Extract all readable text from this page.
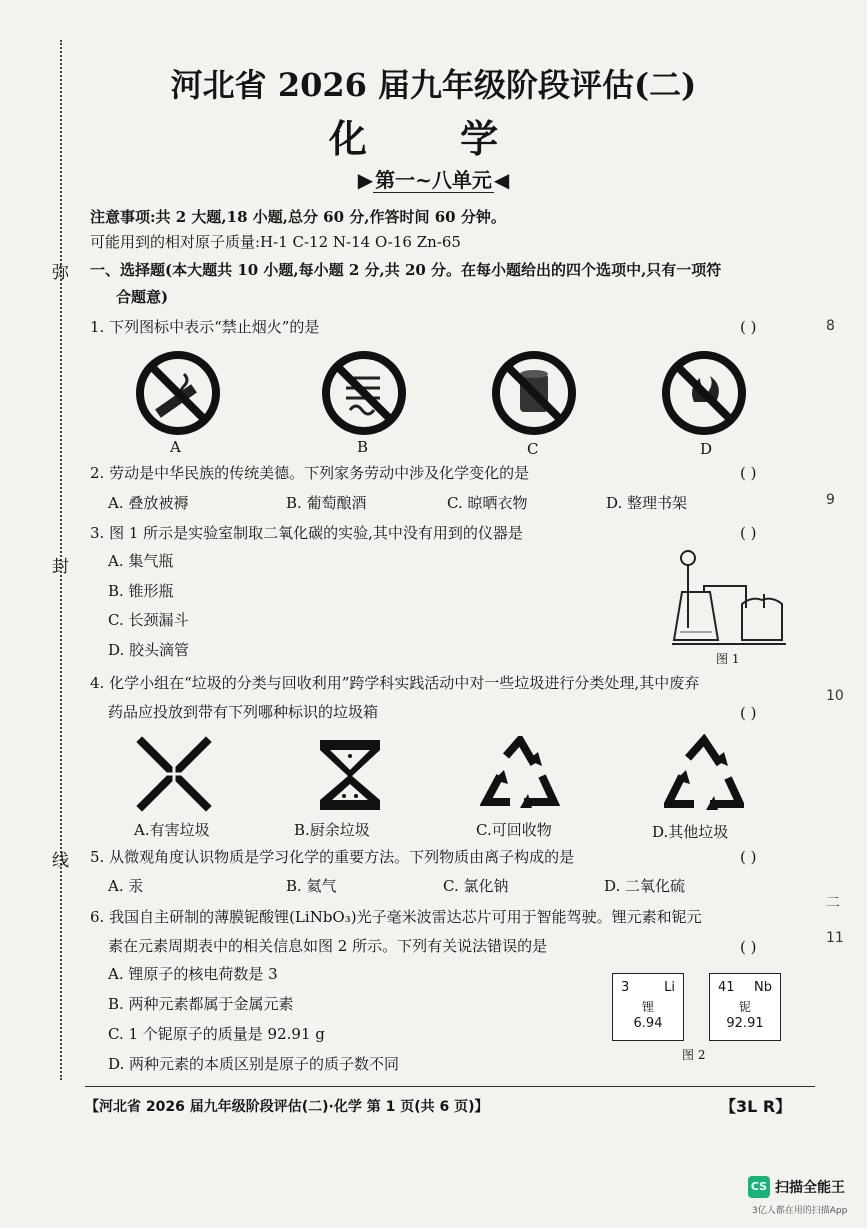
弥
封
线
8
9
10
二
11
河北省 2026 届九年级阶段评估(二)
化 学
▶ 第一~八单元 ◀
注意事项:共 2 大题,18 小题,总分 60 分,作答时间 60 分钟。
可能用到的相对原子质量:H-1 C-12 N-14 O-16 Zn-65
一、选择题(本大题共 10 小题,每小题 2 分,共 20 分。在每小题给出的四个选项中,只有一项符
合题意)
1. 下列图标中表示“禁止烟火”的是	( )
A	B	C	D
2. 劳动是中华民族的传统美德。下列家务劳动中涉及化学变化的是	( )
A. 叠放被褥	B. 葡萄酿酒	C. 晾晒衣物	D. 整理书架
3. 图 1 所示是实验室制取二氧化碳的实验,其中没有用到的仪器是	( )
A. 集气瓶
B. 锥形瓶
C. 长颈漏斗
D. 胶头滴管	图 1
4. 化学小组在“垃圾的分类与回收利用”跨学科实践活动中对一些垃圾进行分类处理,其中废弃
药品应投放到带有下列哪种标识的垃圾箱	( )
A.有害垃圾	B.厨余垃圾	C.可回收物	D.其他垃圾
5. 从微观角度认识物质是学习化学的重要方法。下列物质由离子构成的是	( )
A. 汞	B. 氦气	C. 氯化钠	D. 二氧化硫
6. 我国自主研制的薄膜铌酸锂(LiNbO₃)光子毫米波雷达芯片可用于智能驾驶。锂元素和铌元
素在元素周期表中的相关信息如图 2 所示。下列有关说法错误的是	( )
A. 锂原子的核电荷数是 3
B. 两种元素都属于金属元素
C. 1 个铌原子的质量是 92.91 g
D. 两种元素的本质区别是原子的质子数不同
3	Li
锂
6.94
41 Nb
铌
92.91
图 2
【河北省 2026 届九年级阶段评估(二)·化学 第 1 页(共 6 页)】	【3L R】
CS 扫描全能王
3亿人都在用的扫描App
